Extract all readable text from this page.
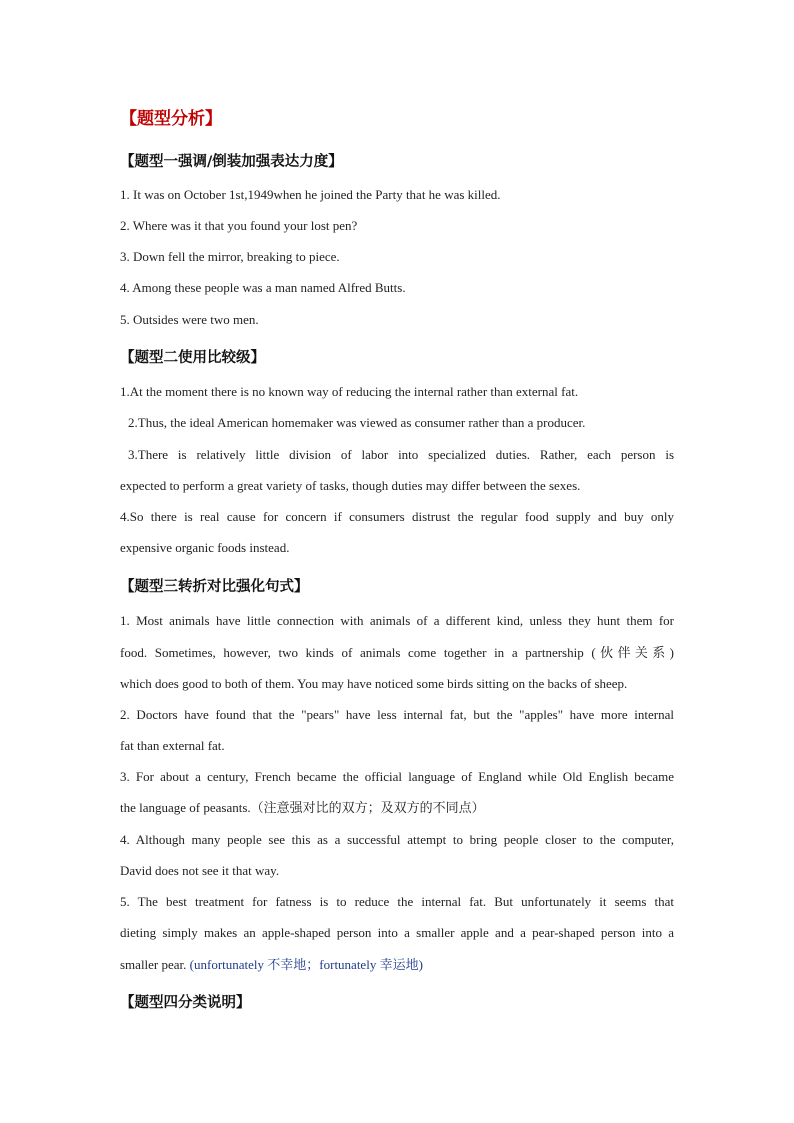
【题型分析】
【题型一强调/倒装加强表达力度】
1. It was on October 1st,1949when he joined the Party that he was killed.
2. Where was it that you found your lost pen?
3. Down fell the mirror, breaking to piece.
4. Among these people was a man named Alfred Butts.
5. Outsides were two men.
【题型二使用比较级】
1.At the moment there is no known way of reducing the internal rather than external fat.
2.Thus, the ideal American homemaker was viewed as consumer rather than a producer.
3.There is relatively little division of labor into specialized duties. Rather, each person is
expected to perform a great variety of tasks, though duties may differ between the sexes.
4.So there is real cause for concern if consumers distrust the regular food supply and buy only
expensive organic foods instead.
【题型三转折对比强化句式】
1. Most animals have little connection with animals of a different kind, unless they hunt them for
food. Sometimes, however, two kinds of animals come together in a partnership (伙伴关系)
which does good to both of them. You may have noticed some birds sitting on the backs of sheep.
2. Doctors have found that the "pears" have less internal fat, but the "apples" have more internal
fat than external fat.
3. For about a century, French became the official language of England while Old English became
the language of peasants.（注意强对比的双方；及双方的不同点）
4. Although many people see this as a successful attempt to bring people closer to the computer,
David does not see it that way.
5. The best treatment for fatness is to reduce the internal fat. But unfortunately it seems that
dieting simply makes an apple-shaped person into a smaller apple and a pear-shaped person into a
smaller pear. (unfortunately 不幸地；fortunately 幸运地)
【题型四分类说明】
